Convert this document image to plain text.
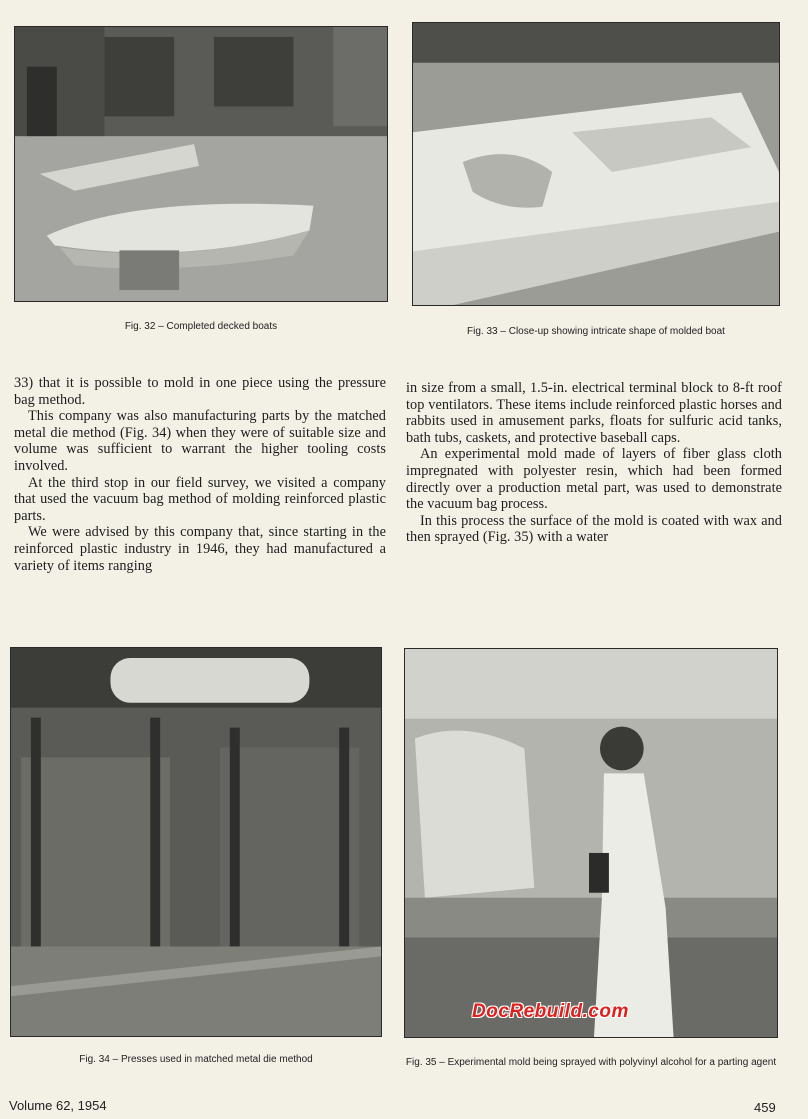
Fig. 32 – Completed decked boats	Fig. 33 – Close-up showing intricate shape of molded boat

33) that it is possible to mold in one piece using the pressure bag method.

This company was also manufacturing parts by the matched metal die method (Fig. 34) when they were of suitable size and volume was sufficient to warrant the higher tooling costs involved.

At the third stop in our field survey, we visited a company that used the vacuum bag method of molding reinforced plastic parts.

We were advised by this company that, since starting in the reinforced plastic industry in 1946, they had manufactured a variety of items ranging

in size from a small, 1.5-in. electrical terminal block to 8-ft roof top ventilators. These items include reinforced plastic horses and rabbits used in amusement parks, floats for sulfuric acid tanks, bath tubs, caskets, and protective baseball caps.

An experimental mold made of layers of fiber glass cloth impregnated with polyester resin, which had been formed directly over a production metal part, was used to demonstrate the vacuum bag process.

In this process the surface of the mold is coated with wax and then sprayed (Fig. 35) with a water

Fig. 34 – Presses used in matched metal die method	Fig. 35 – Experimental mold being sprayed with polyvinyl alcohol for a parting agent
DocRebuild.com
Volume 62, 1954	459
